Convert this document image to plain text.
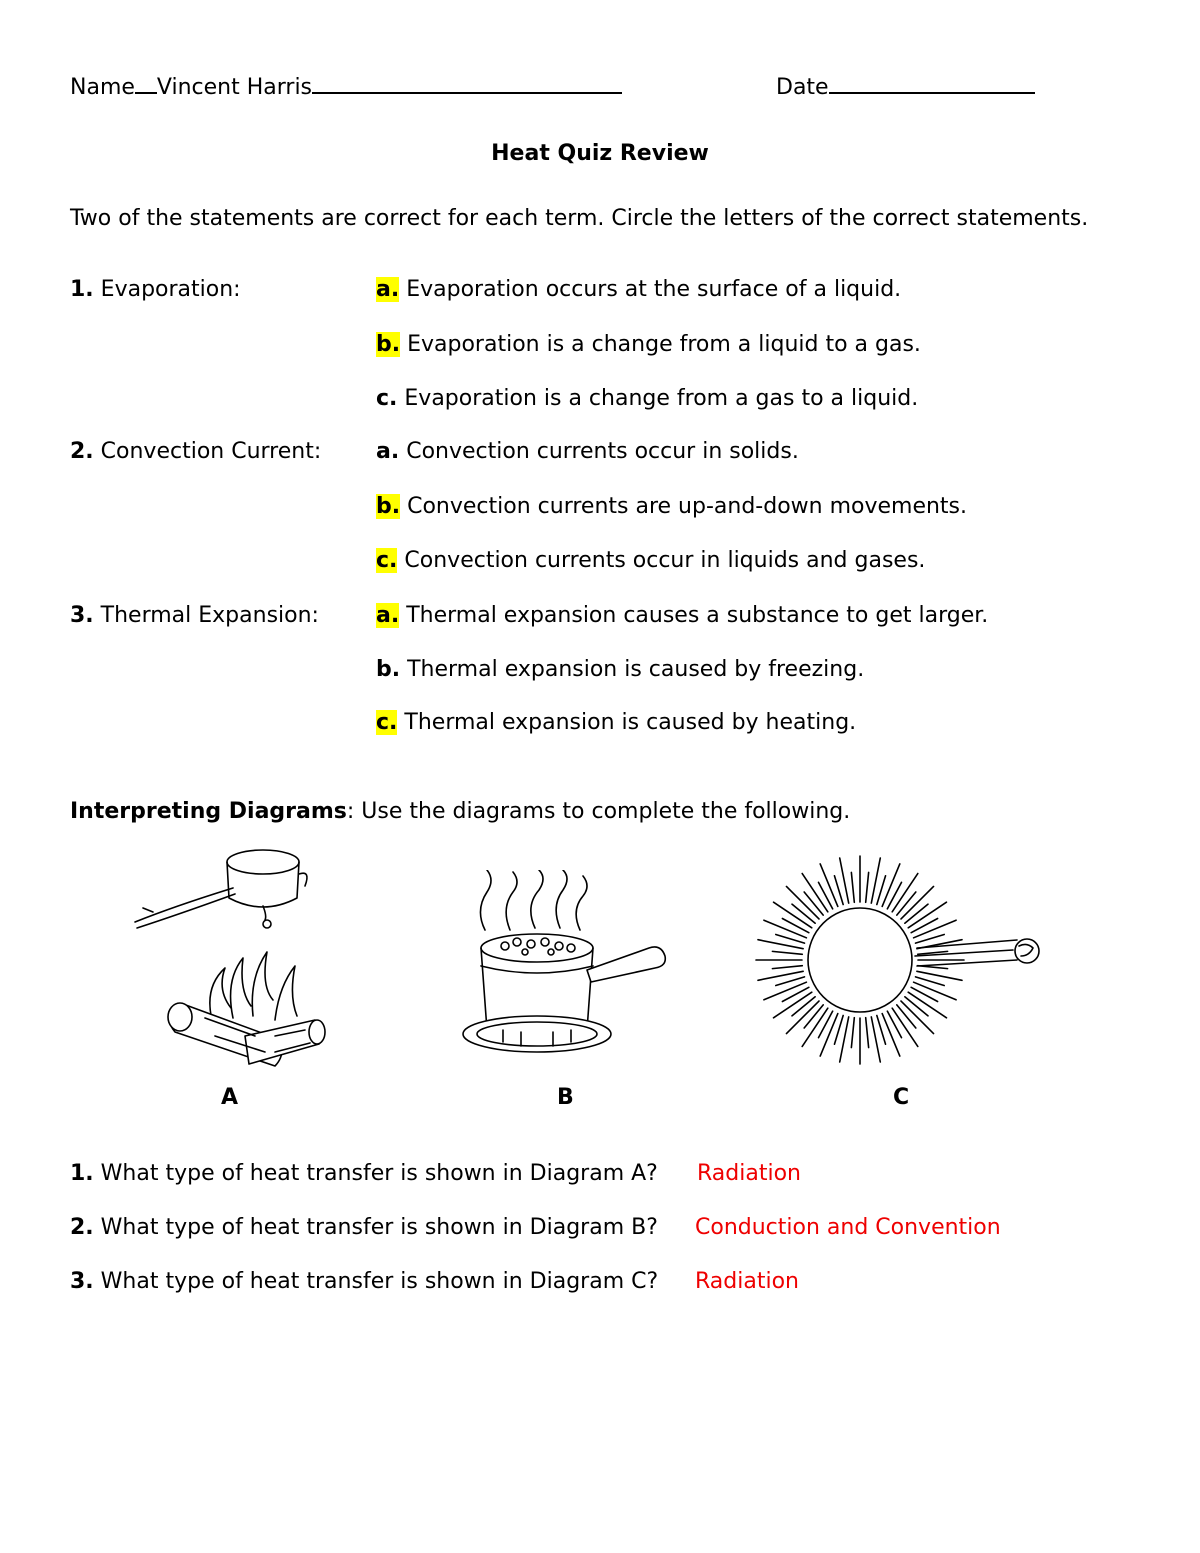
Name Vincent Harris	Date
Heat Quiz Review
Two of the statements are correct for each term. Circle the letters of the correct statements.
1. Evaporation:	a. Evaporation occurs at the surface of a liquid.
b. Evaporation is a change from a liquid to a gas.
c. Evaporation is a change from a gas to a liquid.
2. Convection Current: a. Convection currents occur in solids.
b. Convection currents are up-and-down movements.
c. Convection currents occur in liquids and gases.
3. Thermal Expansion:	a. Thermal expansion causes a substance to get larger.
b. Thermal expansion is caused by freezing.
c. Thermal expansion is caused by heating.
Interpreting Diagrams: Use the diagrams to complete the following.
A	B	C
1. What type of heat transfer is shown in Diagram A? Radiation
2. What type of heat transfer is shown in Diagram B? Conduction and Convention
3. What type of heat transfer is shown in Diagram C? Radiation
